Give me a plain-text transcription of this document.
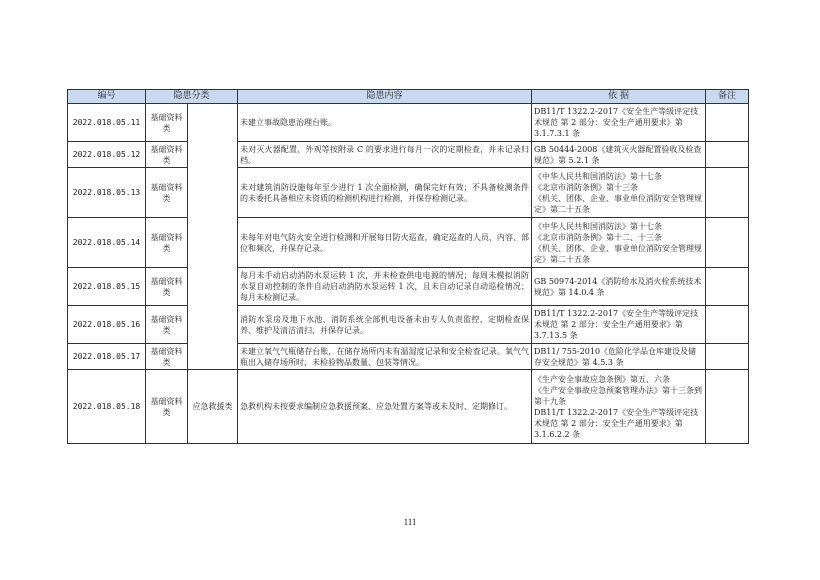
编号	隐患分类		隐患内容	依 据	备注
2022.018.05.11	基础资料类		未建立事故隐患治理台账。	DB11/T 1322.2-2017《安全生产等级评定技术规范 第 2 部分：安全生产通用要求》第 3.1.7.3.1 条	
2022.018.05.12	基础资料类		未对灭火器配置、外观等按附录 C 的要求进行每月一次的定期检查，并未记录归档。	GB 50444-2008《建筑灭火器配置验收及检查规范》第 5.2.1 条	
2022.018.05.13	基础资料类		未对建筑消防设施每年至少进行 1 次全面检测，确保完好有效；不具备检测条件的未委托具备相应未资质的检测机构进行检测，并保存检测记录。	《中华人民共和国消防法》第十七条
《北京市消防条例》第十三条
《机关、团体、企业、事业单位消防安全管理规定》第二十五条	
2022.018.05.14	基础资料类		未每年对电气防火安全进行检测和开展每日防火巡查，确定巡查的人员、内容、部位和频次，并保存记录。	《中华人民共和国消防法》第十七条
《北京市消防条例》第十二、十三条
《机关、团体、企业、事业单位消防安全管理规定》第二十五条	
2022.018.05.15	基础资料类		每月未手动启动消防水泵运转 1 次，并未检查供电电源的情况；每周未模拟消防水泵自动控制的条件自动启动消防水泵运转 1 次，且未自动记录自动巡检情况；每月未检测记录。	GB 50974-2014《消防给水及消火栓系统技术规范》第 14.0.4 条	
2022.018.05.16	基础资料类		消防水泵房及地下水池、消防系统全部机电设备未由专人负责监控，定期检查保养、维护及清洁清扫，并保存记录。	DB11/T 1322.2-2017《安全生产等级评定技术规范 第 2 部分：安全生产通用要求》第 3.7.13.5 条	
2022.018.05.17	基础资料类		未建立氧气气瓶储存台账，在储存场所内未有温湿度记录和安全检查记录。氧气气瓶出入储存场所时，未检验物品数量、包装等情况。	DB11/ 755-2010《危险化学品仓库建设及储存安全规范》第 4.5.3 条	
2022.018.05.18	基础资料类	应急救援类	急救机构未按要求编制应急救援预案、应急处置方案等或未及时、定期修订。	《生产安全事故应急条例》第五、六条
《生产安全事故应急预案管理办法》第十三条到第十九条
DB11/T 1322.2-2017《安全生产等级评定技术规范 第 2 部分：安全生产通用要求》第 3.1.6.2.2 条	
111
